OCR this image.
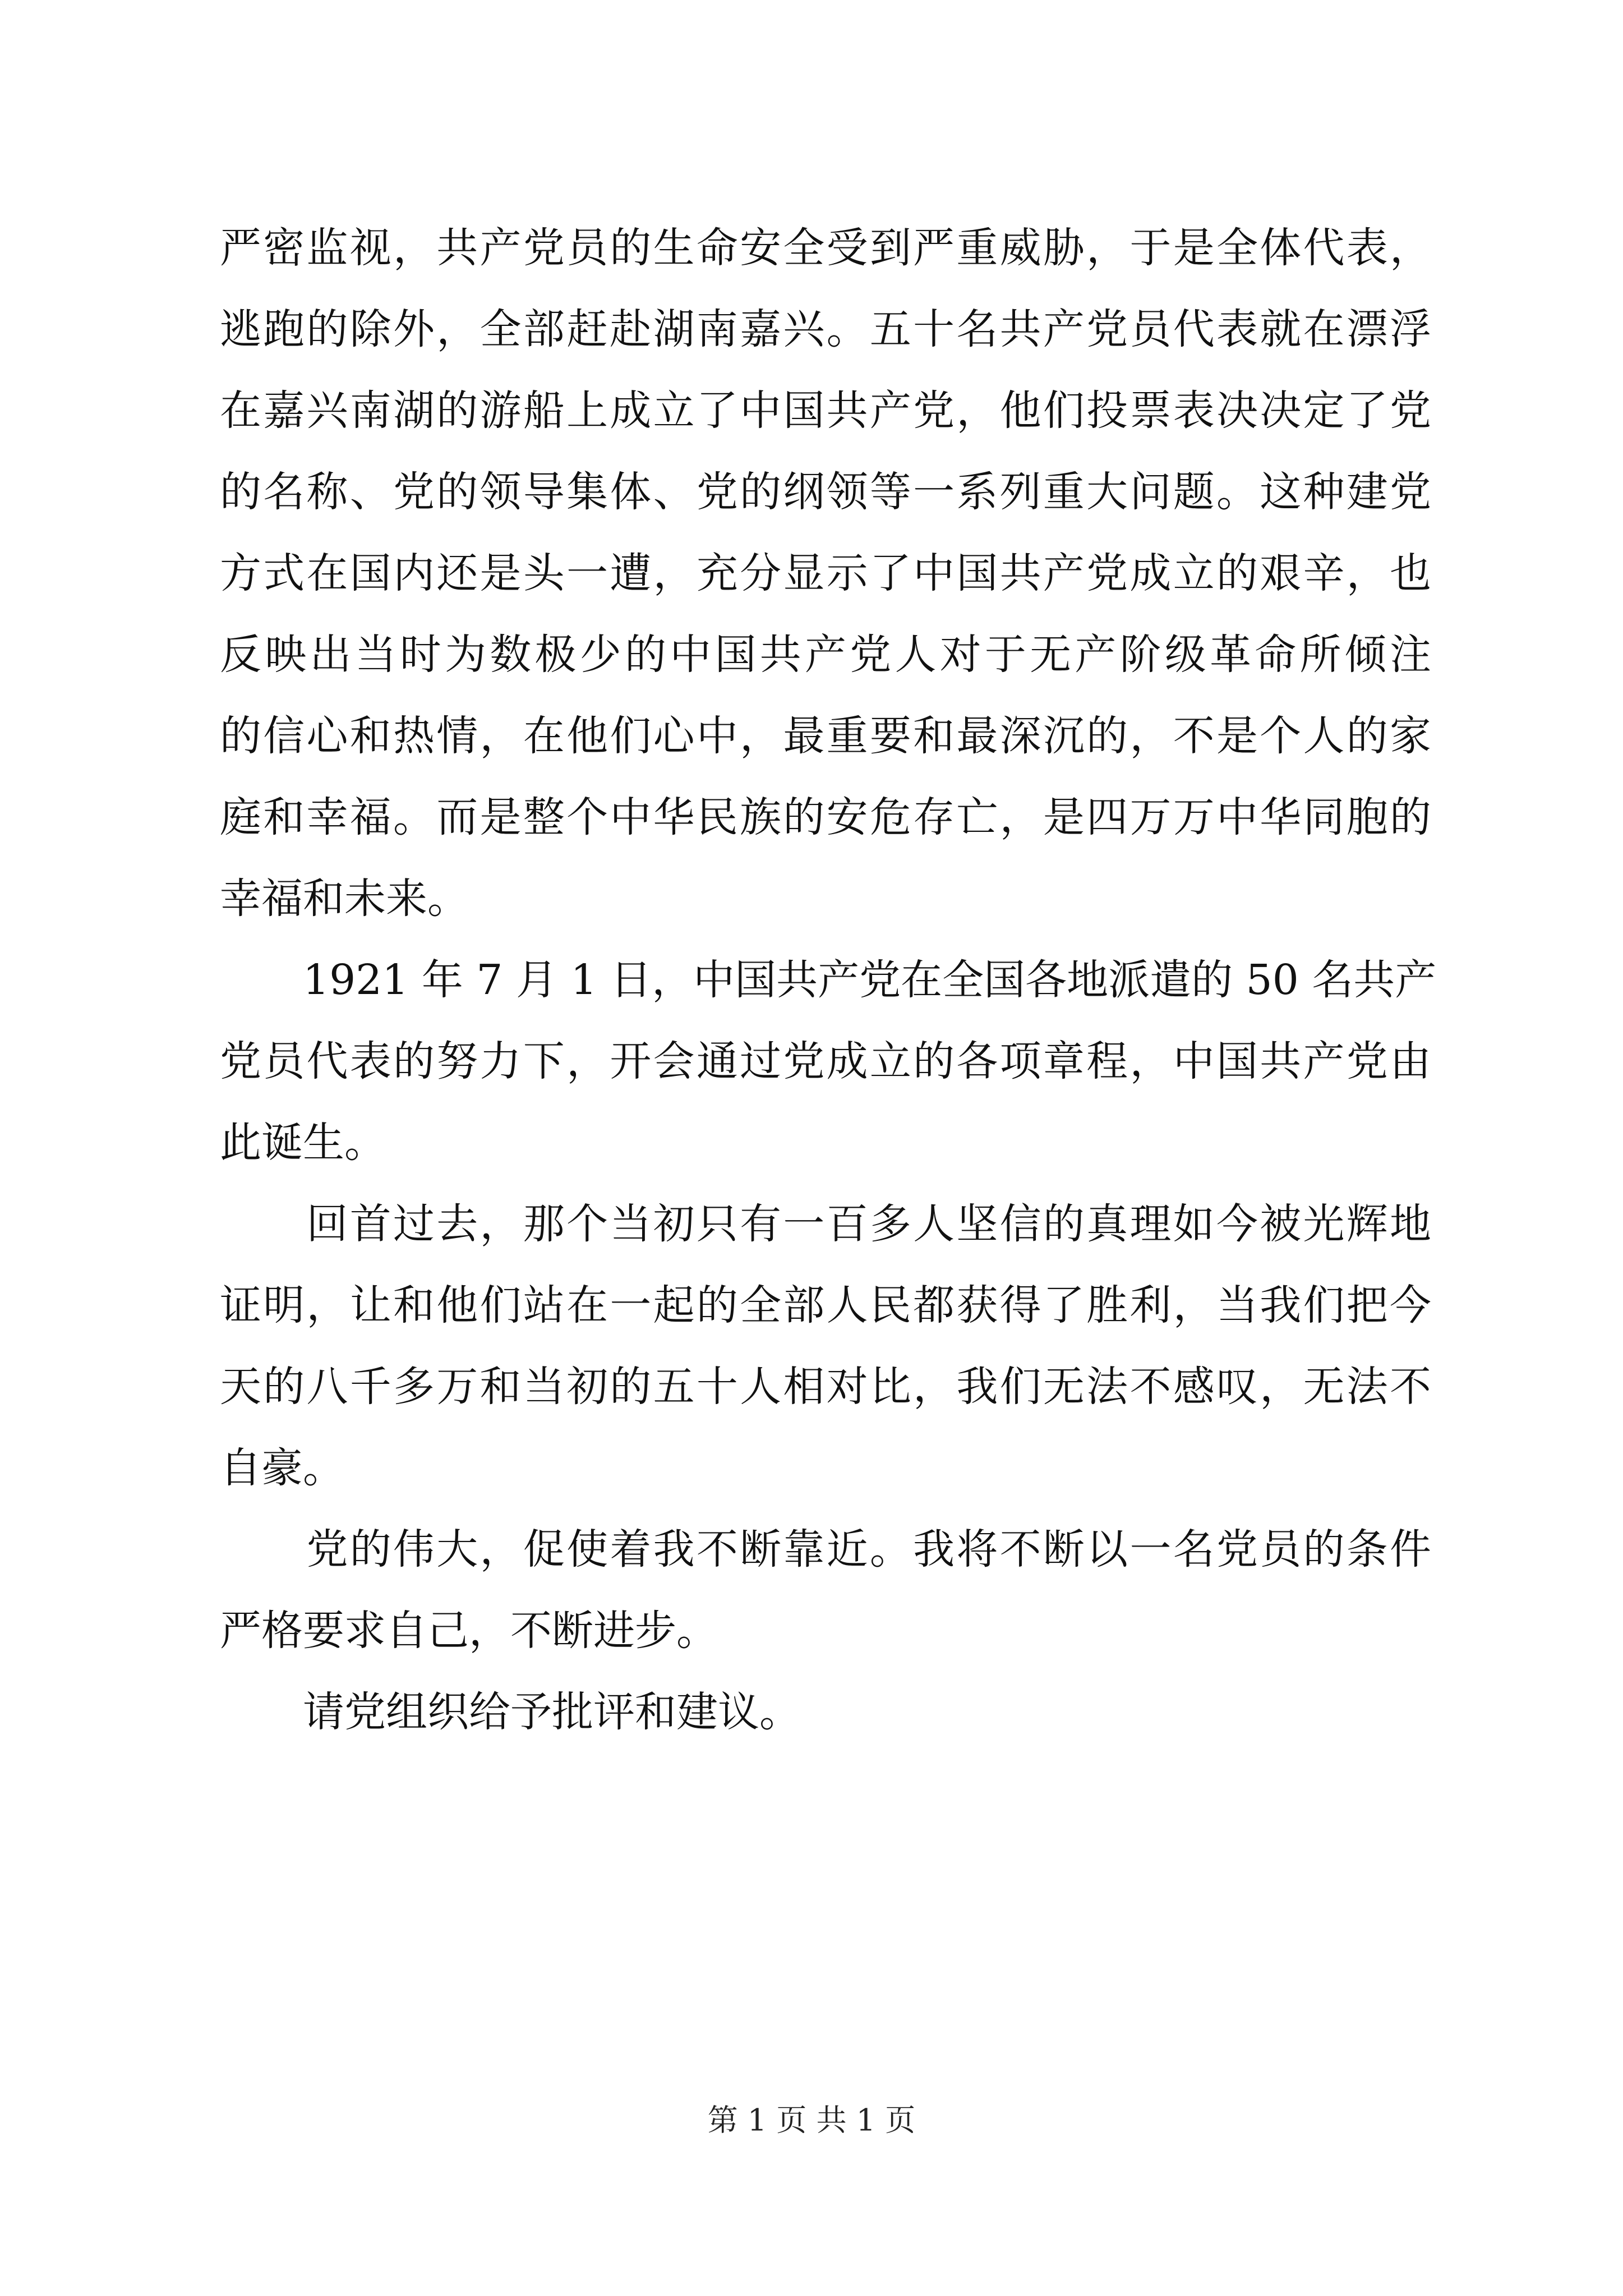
严密监视，共产党员的生命安全受到严重威胁，于是全体代表，
逃跑的除外，全部赶赴湖南嘉兴。五十名共产党员代表就在漂浮
在嘉兴南湖的游船上成立了中国共产党，他们投票表决决定了党
的名称、党的领导集体、党的纲领等一系列重大问题。这种建党
方式在国内还是头一遭，充分显示了中国共产党成立的艰辛，也
反映出当时为数极少的中国共产党人对于无产阶级革命所倾注
的信心和热情，在他们心中，最重要和最深沉的，不是个人的家
庭和幸福。而是整个中华民族的安危存亡，是四万万中华同胞的
幸福和未来。
　　1921 年 7 月 1 日，中国共产党在全国各地派遣的 50 名共产
党员代表的努力下，开会通过党成立的各项章程，中国共产党由
此诞生。
　　回首过去，那个当初只有一百多人坚信的真理如今被光辉地
证明，让和他们站在一起的全部人民都获得了胜利，当我们把今
天的八千多万和当初的五十人相对比，我们无法不感叹，无法不
自豪。
　　党的伟大，促使着我不断靠近。我将不断以一名党员的条件
严格要求自己，不断进步。
　　请党组织给予批评和建议。
第 1 页 共 1 页
